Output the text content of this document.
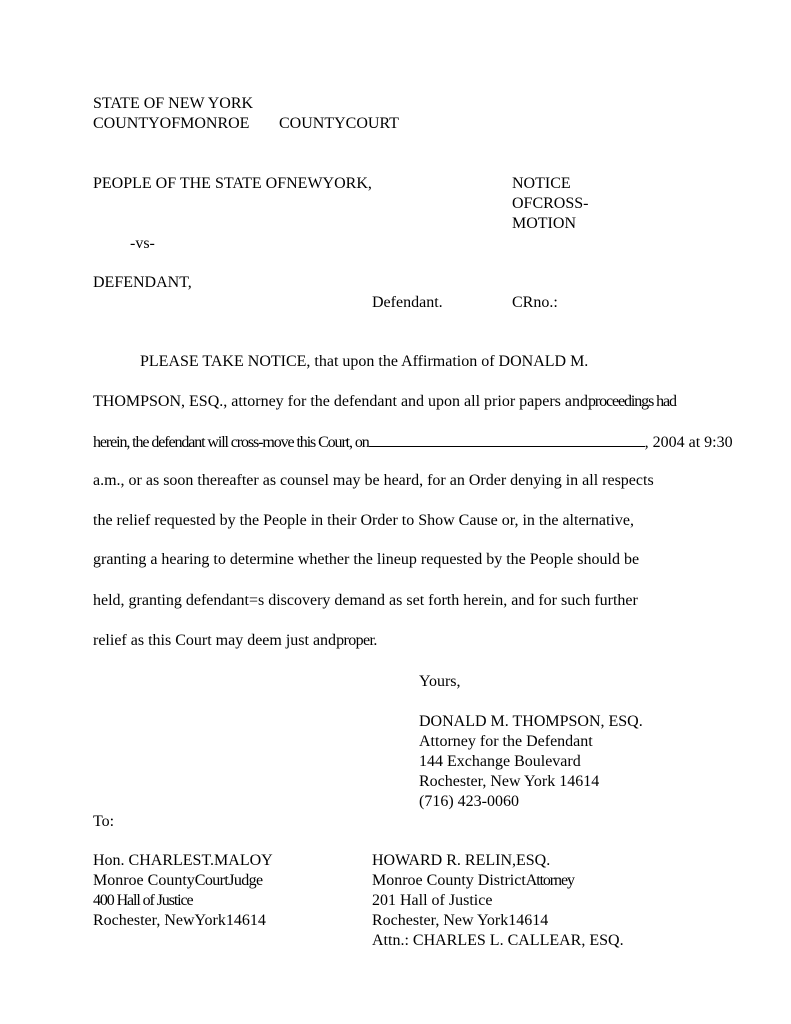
STATE OF NEW YORK
COUNTYOFMONROE COUNTYCOURT
PEOPLE OF THE STATE OFNEWYORK,	NOTICE
OFCROSS-
MOTION
-vs-
DEFENDANT,
Defendant.	CRno.:
PLEASE TAKE NOTICE, that upon the Affirmation of DONALD M.
THOMPSON, ESQ., attorney for the defendant and upon all prior papers andproceedings had
herein, the defendant will cross-move this Court, on	, 2004 at 9:30
a.m., or as soon thereafter as counsel may be heard, for an Order denying in all respects
the relief requested by the People in their Order to Show Cause or, in the alternative,
granting a hearing to determine whether the lineup requested by the People should be
held, granting defendant=s discovery demand as set forth herein, and for such further
relief as this Court may deem just andproper.
Yours,
DONALD M. THOMPSON, ESQ.
Attorney for the Defendant
144 Exchange Boulevard
Rochester, New York 14614
(716) 423-0060
To:
Hon. CHARLEST.MALOY
Monroe CountyCourtJudge
400 Hall of Justice
Rochester, NewYork14614
HOWARD R. RELIN,ESQ.
Monroe County DistrictAttorney
201 Hall of Justice
Rochester, New York14614
Attn.: CHARLES L. CALLEAR, ESQ.
